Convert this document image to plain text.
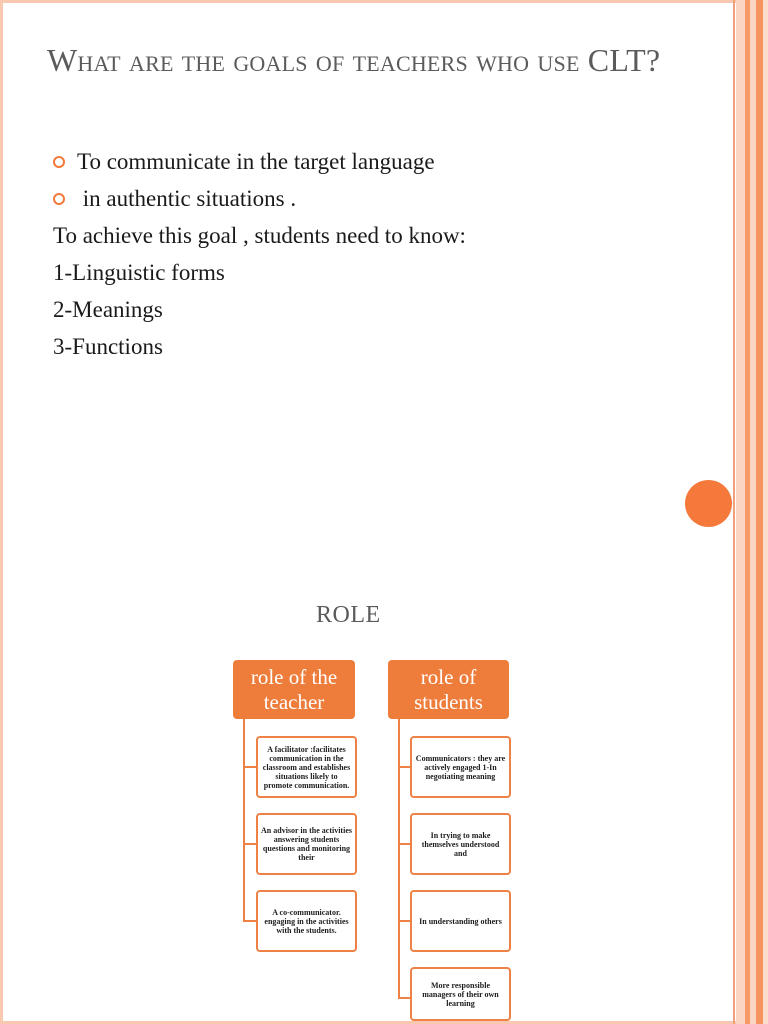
What are the goals of teachers who use CLT?
To communicate in the target language
in authentic situations .
To achieve this goal , students need to know:
1-Linguistic forms
2-Meanings
3-Functions
ROLE
role of the teacher
A facilitator :facilitates communication in the classroom and establishes situations likely to promote communication.
An advisor in the activities answering students questions and monitoring their
A co-communicator. engaging in the activities with the students.
role of students
Communicators : they are actively engaged 1-In negotiating meaning
In trying to make themselves understood and
In understanding others
More responsible managers of their own learning
